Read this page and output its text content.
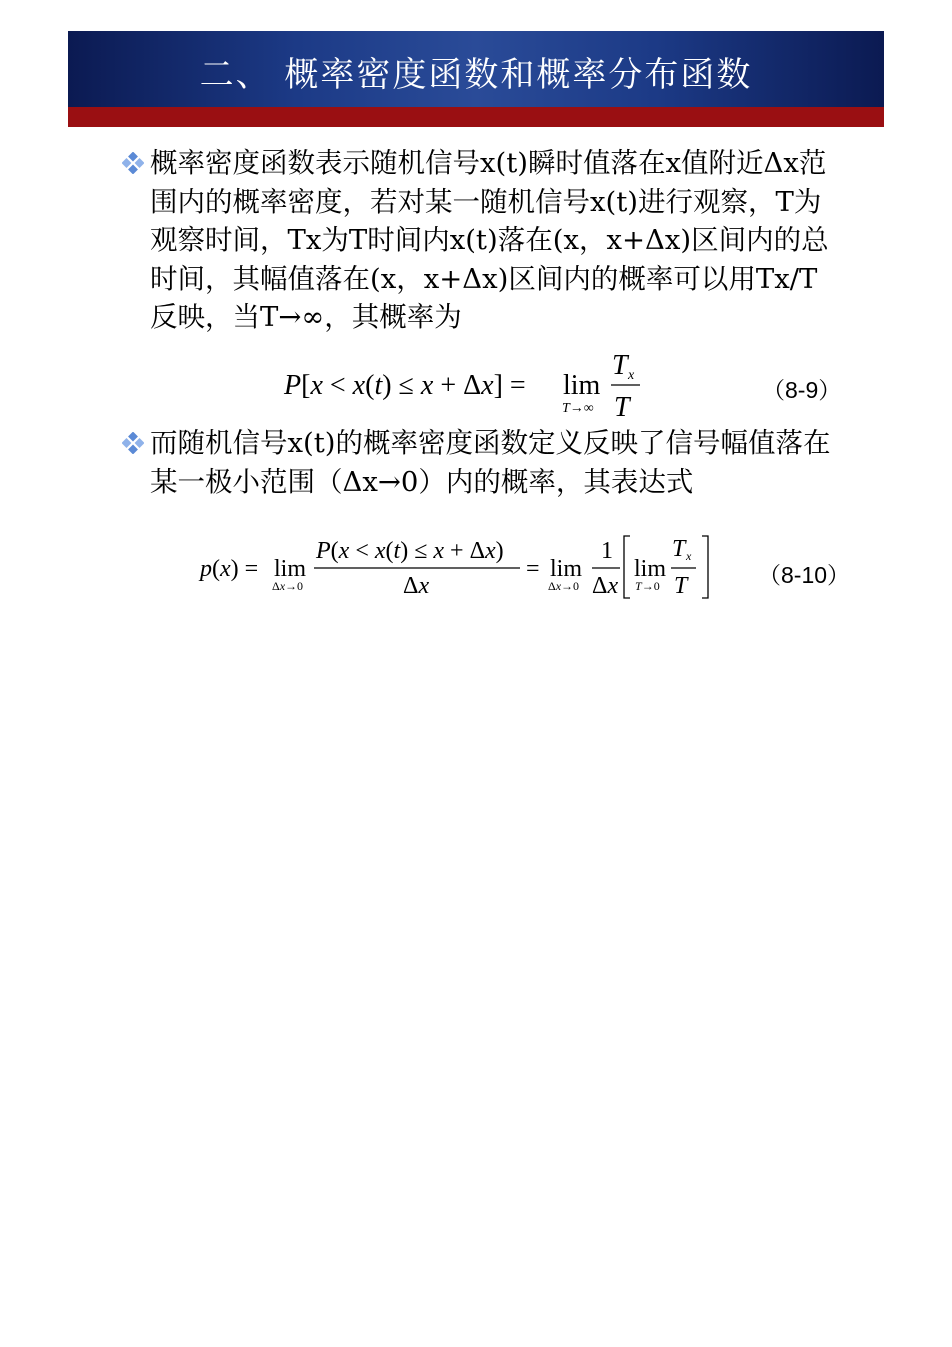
二、 概率密度函数和概率分布函数
概率密度函数表示随机信号x(t)瞬时值落在x值附近Δx范围内的概率密度，若对某一随机信号x(t)进行观察，T为观察时间，Tx为T时间内x(t)落在(x，x+Δx)区间内的总时间，其幅值落在(x，x+Δx)区间内的概率可以用Tx/T反映，当T→∞，其概率为
P[x < x(t) ≤ x + Δx] = lim
T→∞
T x
T
（8-9）
而随机信号x(t)的概率密度函数定义反映了信号幅值落在某一极小范围（Δx→0）内的概率，其表达式
p(x) = lim
Δx→0
P(x < x(t) ≤ x + Δx)
Δx
= lim
Δx→0
1
Δx
lim
T→0
T x
T	（8-10）
